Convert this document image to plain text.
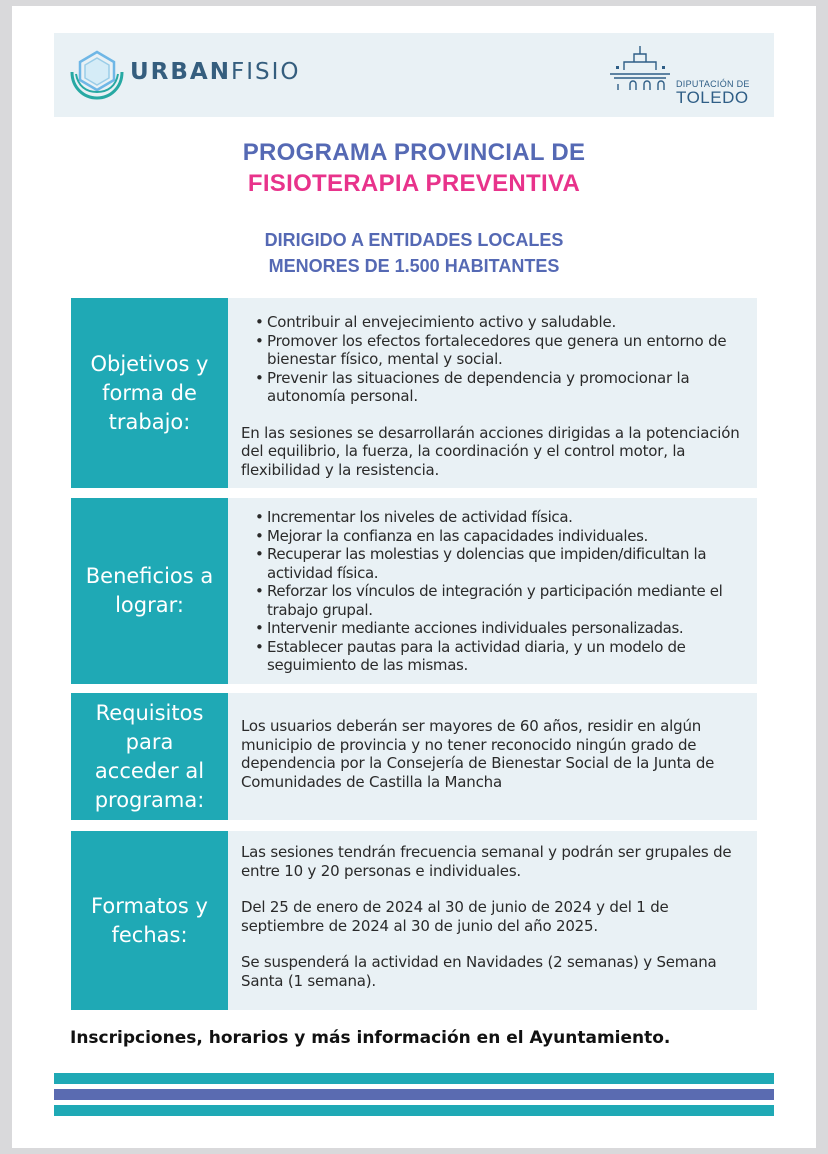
URBANFISIO	DIPUTACIÓN DE
TOLEDO
PROGRAMA PROVINCIAL DE
FISIOTERAPIA PREVENTIVA
DIRIGIDO A ENTIDADES LOCALES
MENORES DE 1.500 HABITANTES
Objetivos y forma de trabajo:
• Contribuir al envejecimiento activo y saludable.
• Promover los efectos fortalecedores que genera un entorno de bienestar físico, mental y social.
• Prevenir las situaciones de dependencia y promocionar la autonomía personal.

En las sesiones se desarrollarán acciones dirigidas a la potenciación del equilibrio, la fuerza, la coordinación y el control motor, la flexibilidad y la resistencia.

Beneficios a lograr:
• Incrementar los niveles de actividad física.
• Mejorar la confianza en las capacidades individuales.
• Recuperar las molestias y dolencias que impiden/dificultan la actividad física.
• Reforzar los vínculos de integración y participación mediante el trabajo grupal.
• Intervenir mediante acciones individuales personalizadas.
• Establecer pautas para la actividad diaria, y un modelo de seguimiento de las mismas.
Requisitos para acceder al programa:

Los usuarios deberán ser mayores de 60 años, residir en algún municipio de provincia y no tener reconocido ningún grado de dependencia por la Consejería de Bienestar Social de la Junta de Comunidades de Castilla la Mancha

Formatos y fechas:

Las sesiones tendrán frecuencia semanal y podrán ser grupales de entre 10 y 20 personas e individuales.

Del 25 de enero de 2024 al 30 de junio de 2024 y del 1 de septiembre de 2024 al 30 de junio del año 2025.

Se suspenderá la actividad en Navidades (2 semanas) y Semana Santa (1 semana).

Inscripciones, horarios y más información en el Ayuntamiento.
